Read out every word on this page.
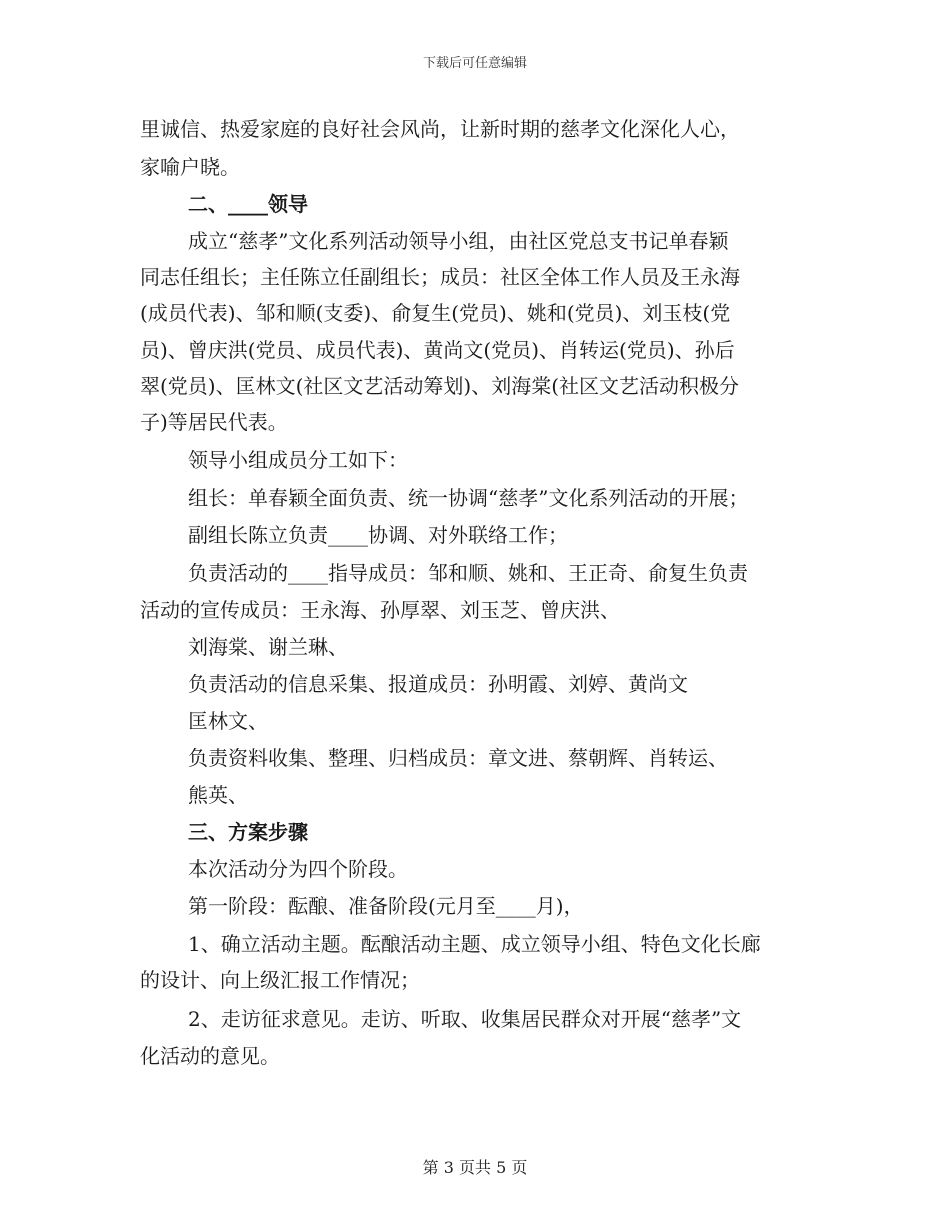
下载后可任意编辑
里诚信、热爱家庭的良好社会风尚，让新时期的慈孝文化深化人心，
家喻户晓。
二、____领导
成立“慈孝”文化系列活动领导小组，由社区党总支书记单春颖
同志任组长；主任陈立任副组长；成员：社区全体工作人员及王永海
(成员代表)、邹和顺(支委)、俞复生(党员)、姚和(党员)、刘玉枝(党
员)、曾庆洪(党员、成员代表)、黄尚文(党员)、肖转运(党员)、孙后
翠(党员)、匡林文(社区文艺活动筹划)、刘海棠(社区文艺活动积极分
子)等居民代表。
领导小组成员分工如下：
组长：单春颖全面负责、统一协调“慈孝”文化系列活动的开展；
副组长陈立负责____协调、对外联络工作；
负责活动的____指导成员：邹和顺、姚和、王正奇、俞复生负责
活动的宣传成员：王永海、孙厚翠、刘玉芝、曾庆洪、
刘海棠、谢兰琳、
负责活动的信息采集、报道成员：孙明霞、刘婷、黄尚文
匡林文、
负责资料收集、整理、归档成员：章文进、蔡朝辉、肖转运、
熊英、
三、方案步骤
本次活动分为四个阶段。
第一阶段：酝酿、准备阶段(元月至____月)，
1、确立活动主题。酝酿活动主题、成立领导小组、特色文化长廊
的设计、向上级汇报工作情况；
2、走访征求意见。走访、听取、收集居民群众对开展“慈孝”文
化活动的意见。
第 3 页共 5 页
